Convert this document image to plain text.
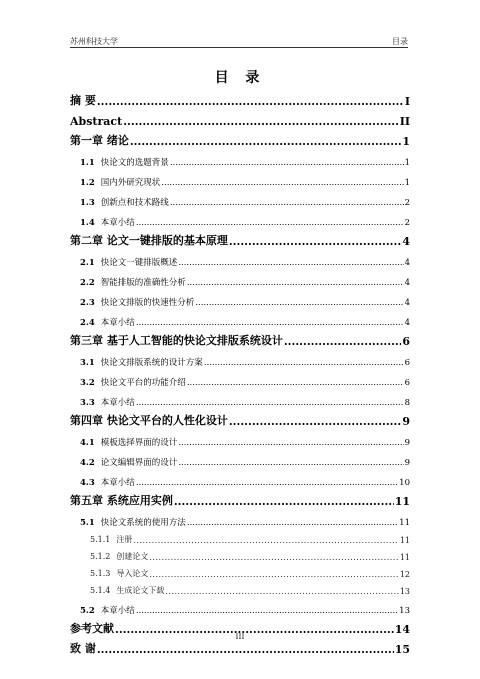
苏州科技大学	目录
目 录
摘 要 .....	I
Abstract .....	II
第一章 绪论 .....	1
1.1 快论文的选题背景 .....	1
1.2 国内外研究现状 .....	1
1.3 创新点和技术路线 .....	2
1.4 本章小结 .....	2
第二章 论文一键排版的基本原理 .....	4
2.1 快论文一键排版概述 .....	4
2.2 智能排版的准确性分析 .....	4
2.3 快论文排版的快速性分析 .....	4
2.4 本章小结 .....	4
第三章 基于人工智能的快论文排版系统设计 .....	6
3.1 快论文排版系统的设计方案 .....	6
3.2 快论文平台的功能介绍 .....	6
3.3 本章小结 .....	8
第四章 快论文平台的人性化设计 .....	9
4.1 模板选择界面的设计 .....	9
4.2 论文编辑界面的设计 .....	9
4.3 本章小结 .....	10
第五章 系统应用实例 .....	11
5.1 快论文系统的使用方法 .....	11
5.1.1 注册 .....	11
5.1.2 创建论文 .....	11
5.1.3 导入论文 .....	12
5.1.4 生成论文下载 .....	13
5.2 本章小结 .....	13
参考文献 .....	14
致 谢 .....	15
III
